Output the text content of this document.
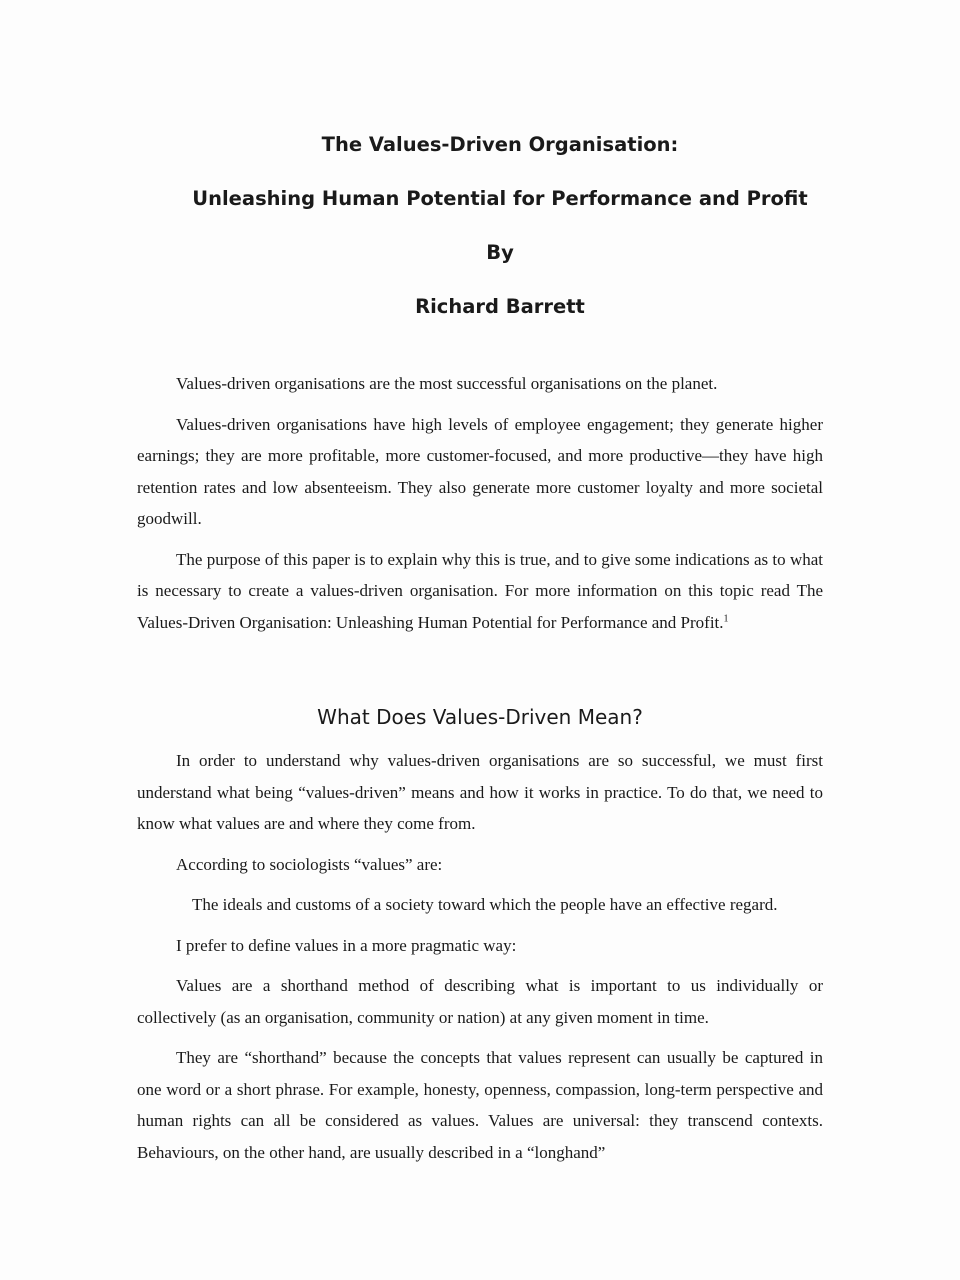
The Values-Driven Organisation:
Unleashing Human Potential for Performance and Profit
By
Richard Barrett

Values-driven organisations are the most successful organisations on the planet.

Values-driven organisations have high levels of employee engagement; they generate higher earnings; they are more profitable, more customer-focused, and more productive—they have high retention rates and low absenteeism. They also generate more customer loyalty and more societal goodwill.

The purpose of this paper is to explain why this is true, and to give some indications as to what is necessary to create a values-driven organisation. For more information on this topic read The Values-Driven Organisation: Unleashing Human Potential for Performance and Profit.$^1$

What Does Values-Driven Mean?

In order to understand why values-driven organisations are so successful, we must first understand what being “values-driven” means and how it works in practice. To do that, we need to know what values are and where they come from.

According to sociologists “values” are:

The ideals and customs of a society toward which the people have an effective regard.

I prefer to define values in a more pragmatic way:

Values are a shorthand method of describing what is important to us individually or collectively (as an organisation, community or nation) at any given moment in time.

They are “shorthand” because the concepts that values represent can usually be captured in one word or a short phrase. For example, honesty, openness, compassion, long-term perspective and human rights can all be considered as values. Values are universal: they transcend contexts. Behaviours, on the other hand, are usually described in a “longhand”
